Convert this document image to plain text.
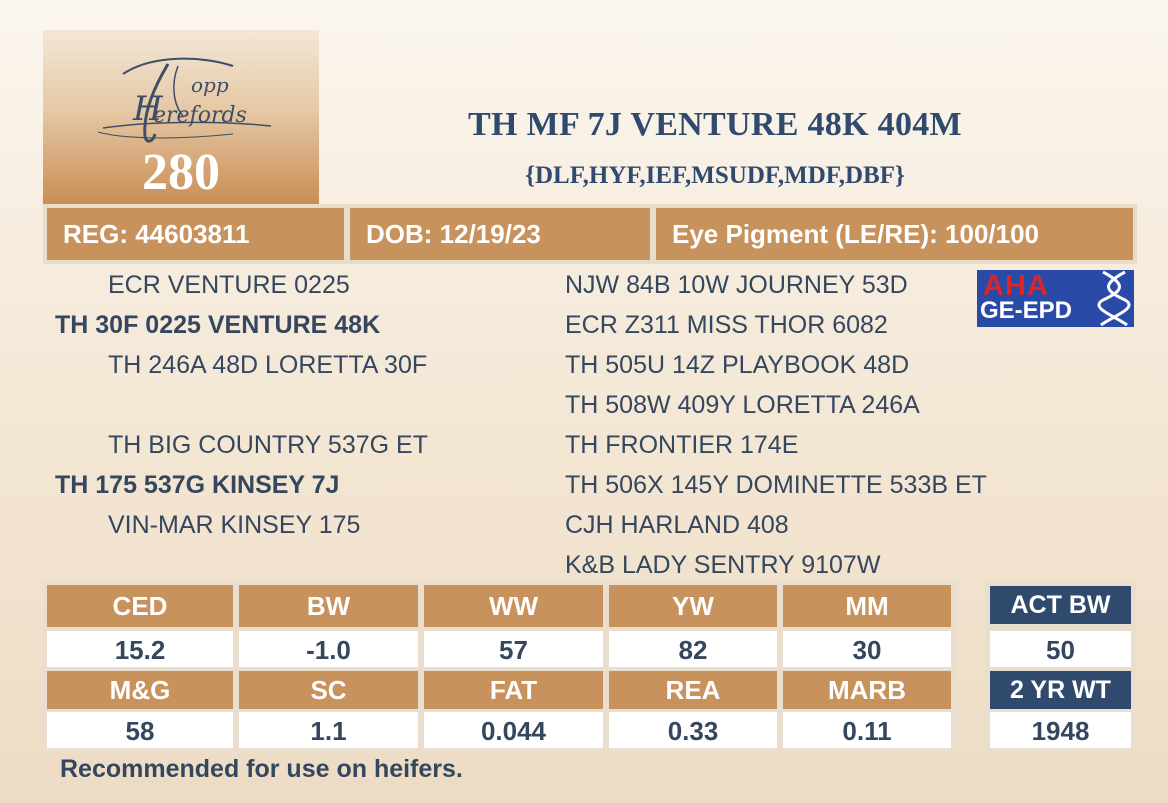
opp
erefords
H
280
TH MF 7J VENTURE 48K 404M
{DLF,HYF,IEF,MSUDF,MDF,DBF}
REG: 44603811	DOB: 12/19/23	Eye Pigment (LE/RE): 100/100
ECR VENTURE 0225
TH 30F 0225 VENTURE 48K
TH 246A 48D LORETTA 30F
NJW 84B 10W JOURNEY 53D
ECR Z311 MISS THOR 6082
TH 505U 14Z PLAYBOOK 48D
TH 508W 409Y LORETTA 246A
TH BIG COUNTRY 537G ET
TH 175 537G KINSEY 7J
VIN-MAR KINSEY 175
TH FRONTIER 174E
TH 506X 145Y DOMINETTE 533B ET
CJH HARLAND 408
K&B LADY SENTRY 9107W
AHA
GE-EPD
CED	BW	WW	YW	MM
15.2	-1.0	57	82	30
M&G	SC	FAT	REA	MARB
58	1.1	0.044	0.33	0.11
ACT BW
50
2 YR WT
1948
Recommended for use on heifers.
